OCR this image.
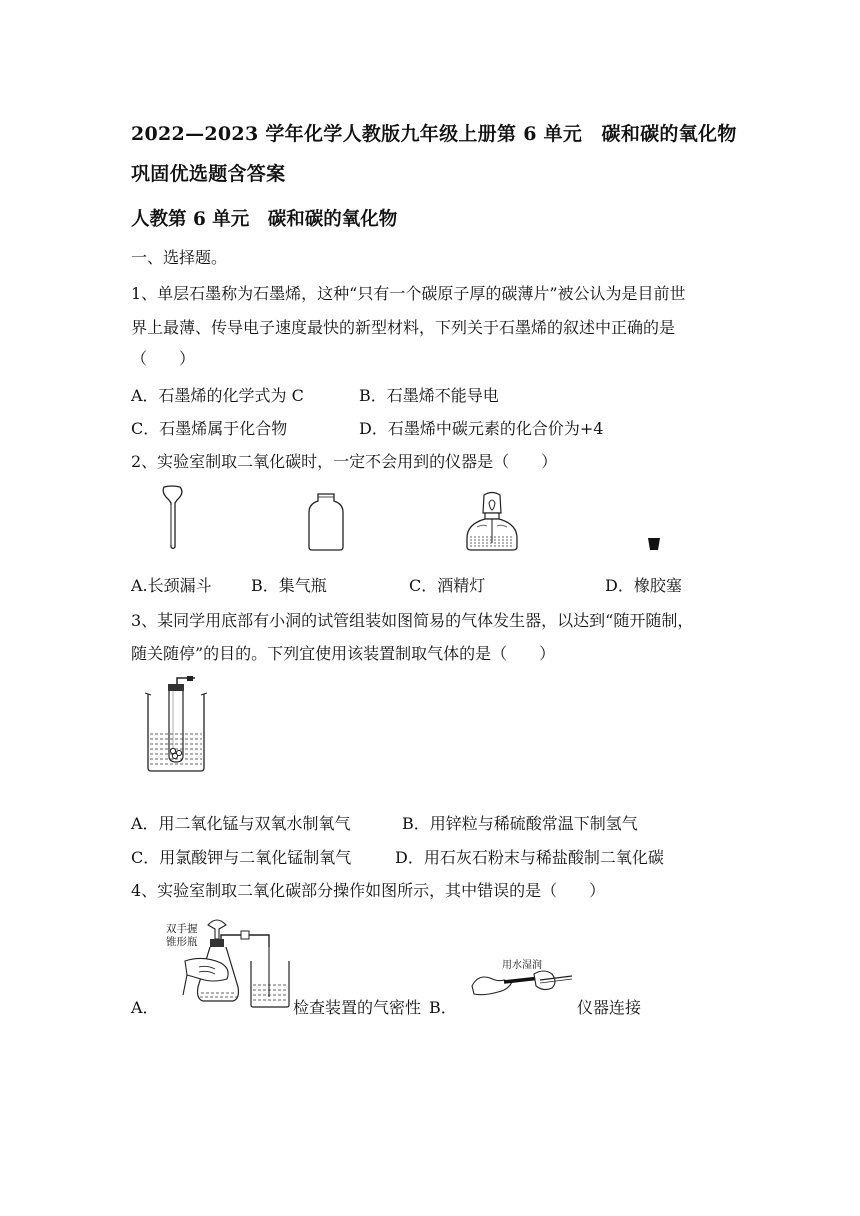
2022—2023 学年化学人教版九年级上册第 6 单元　碳和碳的氧化物
巩固优选题含答案
人教第 6 单元　碳和碳的氧化物
一、选择题。
1、单层石墨称为石墨烯，这种“只有一个碳原子厚的碳薄片”被公认为是目前世
界上最薄、传导电子速度最快的新型材料，下列关于石墨烯的叙述中正确的是
（　　）
A．石墨烯的化学式为 C	B．石墨烯不能导电
C．石墨烯属于化合物	D．石墨烯中碳元素的化合价为+4
2、实验室制取二氧化碳时，一定不会用到的仪器是（　　）
A.长颈漏斗 B．集气瓶	C．酒精灯	D．橡胶塞
3、某同学用底部有小洞的试管组装如图简易的气体发生器，以达到“随开随制，
随关随停”的目的。下列宜使用该装置制取气体的是（　　）
A．用二氧化锰与双氧水制氧气	B．用锌粒与稀硫酸常温下制氢气
C．用氯酸钾与二氧化锰制氧气	D．用石灰石粉末与稀盐酸制二氧化碳
4、实验室制取二氧化碳部分操作如图所示，其中错误的是（　　）
双手握
锥形瓶
A．	检查装置的气密性 B．
用水湿润
仪器连接
